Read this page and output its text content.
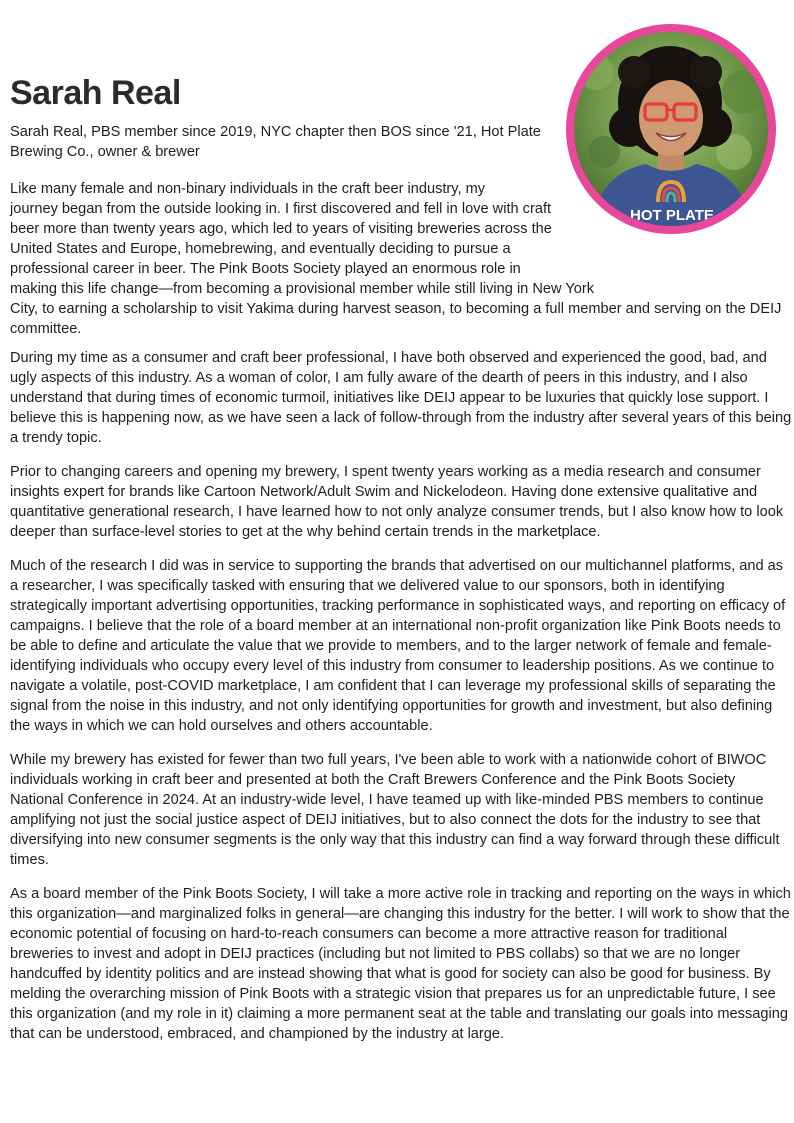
Sarah Real

Sarah Real, PBS member since 2019, NYC chapter then BOS since '21, Hot Plate Brewing Co., owner & brewer

HOT PLATE

Like many female and non-binary individuals in the craft beer industry, my
journey began from the outside looking in. I first discovered and fell in love with craft
beer more than twenty years ago, which led to years of visiting breweries across the
United States and Europe, homebrewing, and eventually deciding to pursue a
professional career in beer. The Pink Boots Society played an enormous role in
making this life change—from becoming a provisional member while still living in New York
City, to earning a scholarship to visit Yakima during harvest season, to becoming a full member and serving on the DEIJ committee.

During my time as a consumer and craft beer professional, I have both observed and experienced the good, bad, and ugly aspects of this industry. As a woman of color, I am fully aware of the dearth of peers in this industry, and I also understand that during times of economic turmoil, initiatives like DEIJ appear to be luxuries that quickly lose support. I believe this is happening now, as we have seen a lack of follow-through from the industry after several years of this being a trendy topic.

Prior to changing careers and opening my brewery, I spent twenty years working as a media research and consumer insights expert for brands like Cartoon Network/Adult Swim and Nickelodeon. Having done extensive qualitative and quantitative generational research, I have learned how to not only analyze consumer trends, but I also know how to look deeper than surface-level stories to get at the why behind certain trends in the marketplace.

Much of the research I did was in service to supporting the brands that advertised on our multichannel platforms, and as a researcher, I was specifically tasked with ensuring that we delivered value to our sponsors, both in identifying strategically important advertising opportunities, tracking performance in sophisticated ways, and reporting on efficacy of campaigns. I believe that the role of a board member at an international non-profit organization like Pink Boots needs to be able to define and articulate the value that we provide to members, and to the larger network of female and female-identifying individuals who occupy every level of this industry from consumer to leadership positions. As we continue to navigate a volatile, post-COVID marketplace, I am confident that I can leverage my professional skills of separating the signal from the noise in this industry, and not only identifying opportunities for growth and investment, but also defining the ways in which we can hold ourselves and others accountable.

While my brewery has existed for fewer than two full years, I've been able to work with a nationwide cohort of BIWOC individuals working in craft beer and presented at both the Craft Brewers Conference and the Pink Boots Society National Conference in 2024. At an industry-wide level, I have teamed up with like-minded PBS members to continue amplifying not just the social justice aspect of DEIJ initiatives, but to also connect the dots for the industry to see that diversifying into new consumer segments is the only way that this industry can find a way forward through these difficult times.

As a board member of the Pink Boots Society, I will take a more active role in tracking and reporting on the ways in which this organization—and marginalized folks in general—are changing this industry for the better. I will work to show that the economic potential of focusing on hard-to-reach consumers can become a more attractive reason for traditional breweries to invest and adopt in DEIJ practices (including but not limited to PBS collabs) so that we are no longer handcuffed by identity politics and are instead showing that what is good for society can also be good for business. By melding the overarching mission of Pink Boots with a strategic vision that prepares us for an unpredictable future, I see this organization (and my role in it) claiming a more permanent seat at the table and translating our goals into messaging that can be understood, embraced, and championed by the industry at large.
